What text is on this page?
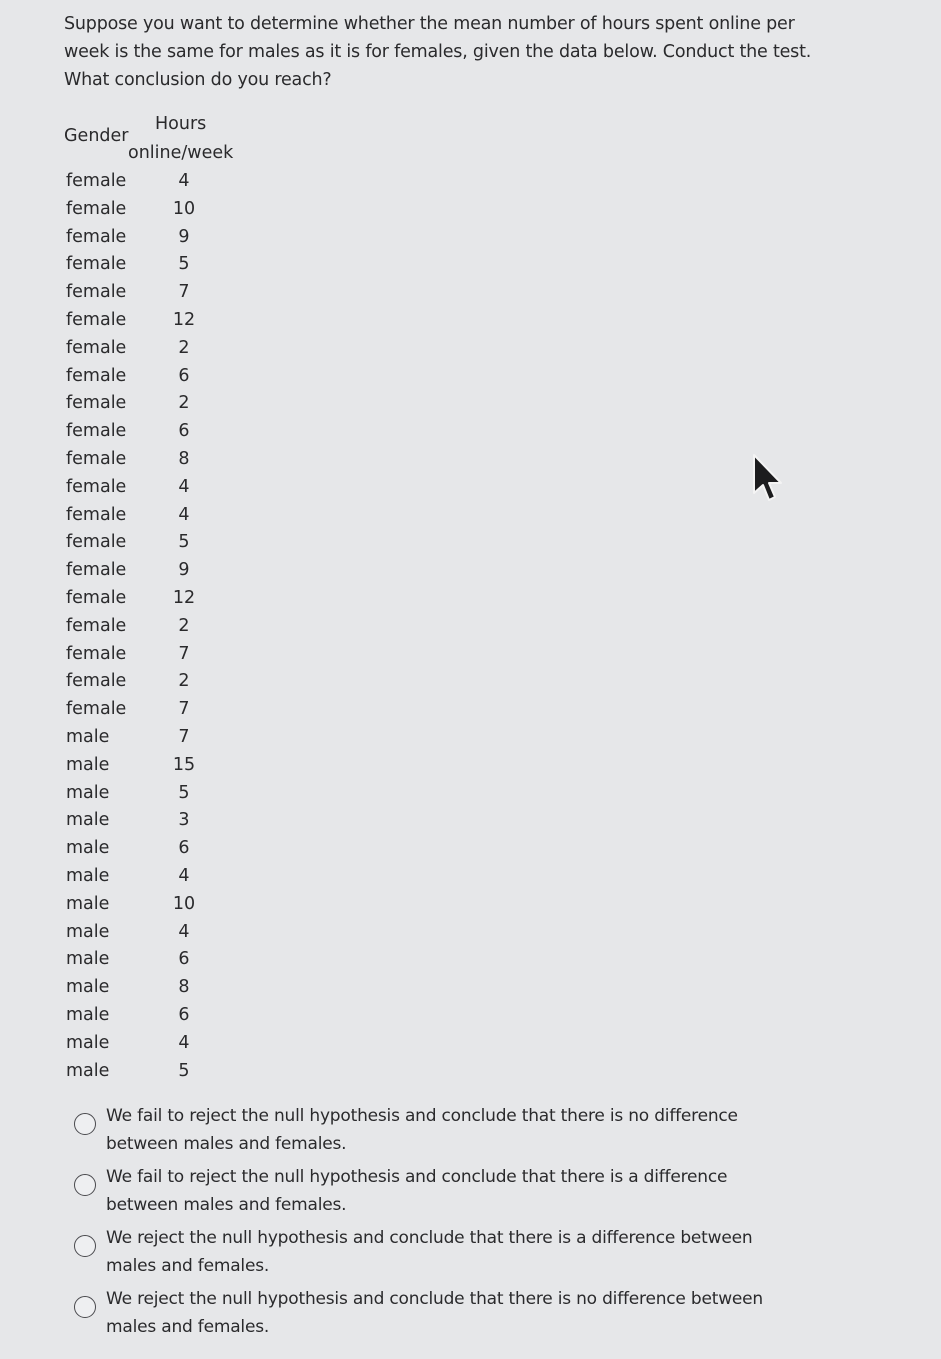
Suppose you want to determine whether the mean number of hours spent online per week is the same for males as it is for females, given the data below. Conduct the test. What conclusion do you reach?
Gender
Hours
online/week
female	4
female	10
female	9
female	5
female	7
female	12
female	2
female	6
female	2
female	6
female	8
female	4
female	4
female	5
female	9
female	12
female	2
female	7
female	2
female	7
male	7
male	15
male	5
male	3
male	6
male	4
male	10
male	4
male	6
male	8
male	6
male	4
male	5
We fail to reject the null hypothesis and conclude that there is no difference between males and females.
We fail to reject the null hypothesis and conclude that there is a difference between males and females.
We reject the null hypothesis and conclude that there is a difference between males and females.
We reject the null hypothesis and conclude that there is no difference between males and females.
